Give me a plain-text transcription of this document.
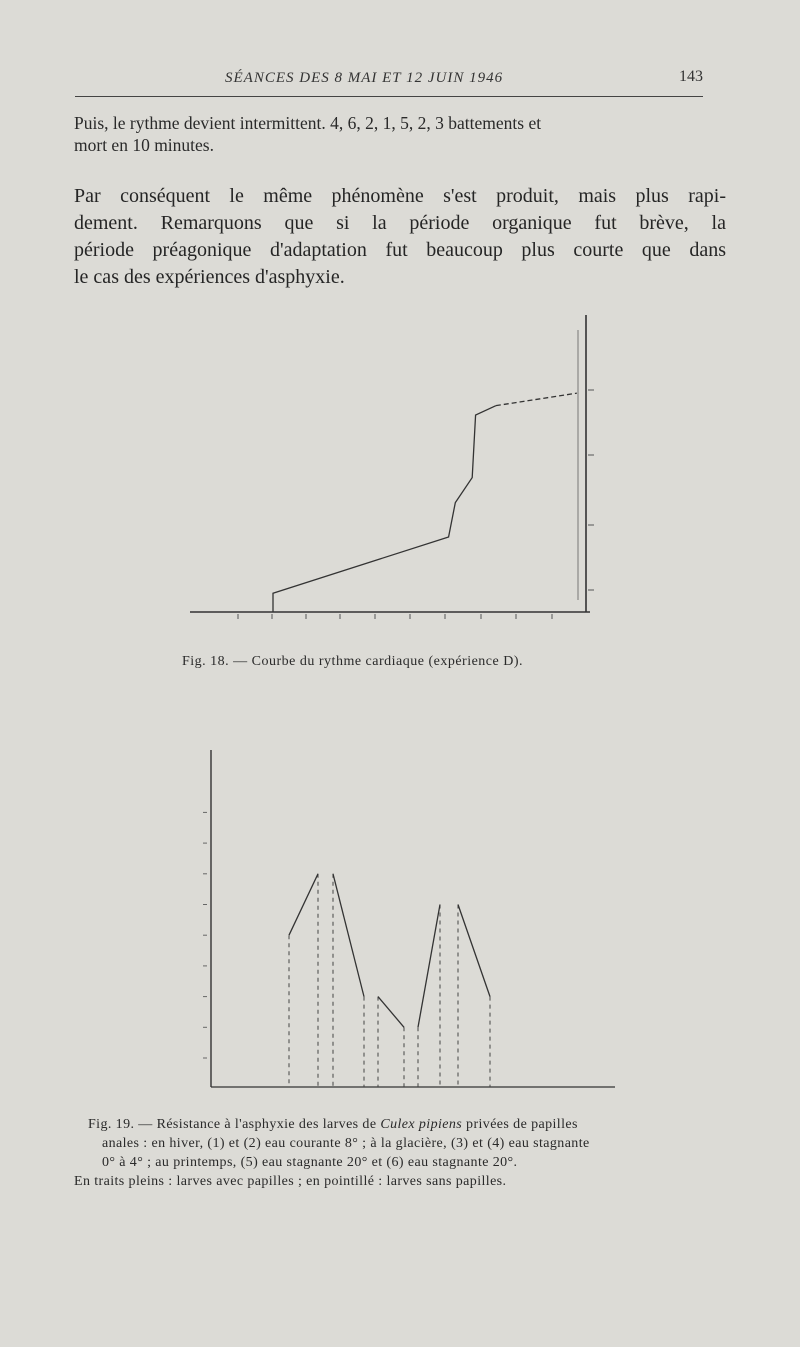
SÉANCES DES 8 MAI ET 12 JUIN 1946	143
Puis, le rythme devient intermittent. 4, 6, 2, 1, 5, 2, 3 battements et
mort en 10 minutes.
Par conséquent le même phénomène s'est produit, mais plus rapi-
dement. Remarquons que si la période organique fut brève, la
période préagonique d'adaptation fut beaucoup plus courte que dans
le cas des expériences d'asphyxie.
Fig. 18. — Courbe du rythme cardiaque (expérience D).
Fig. 19. — Résistance à l'asphyxie des larves de Culex pipiens privées de papilles
anales : en hiver, (1) et (2) eau courante 8° ; à la glacière, (3) et (4) eau stagnante
0° à 4° ; au printemps, (5) eau stagnante 20° et (6) eau stagnante 20°.
En traits pleins : larves avec papilles ; en pointillé : larves sans papilles.
